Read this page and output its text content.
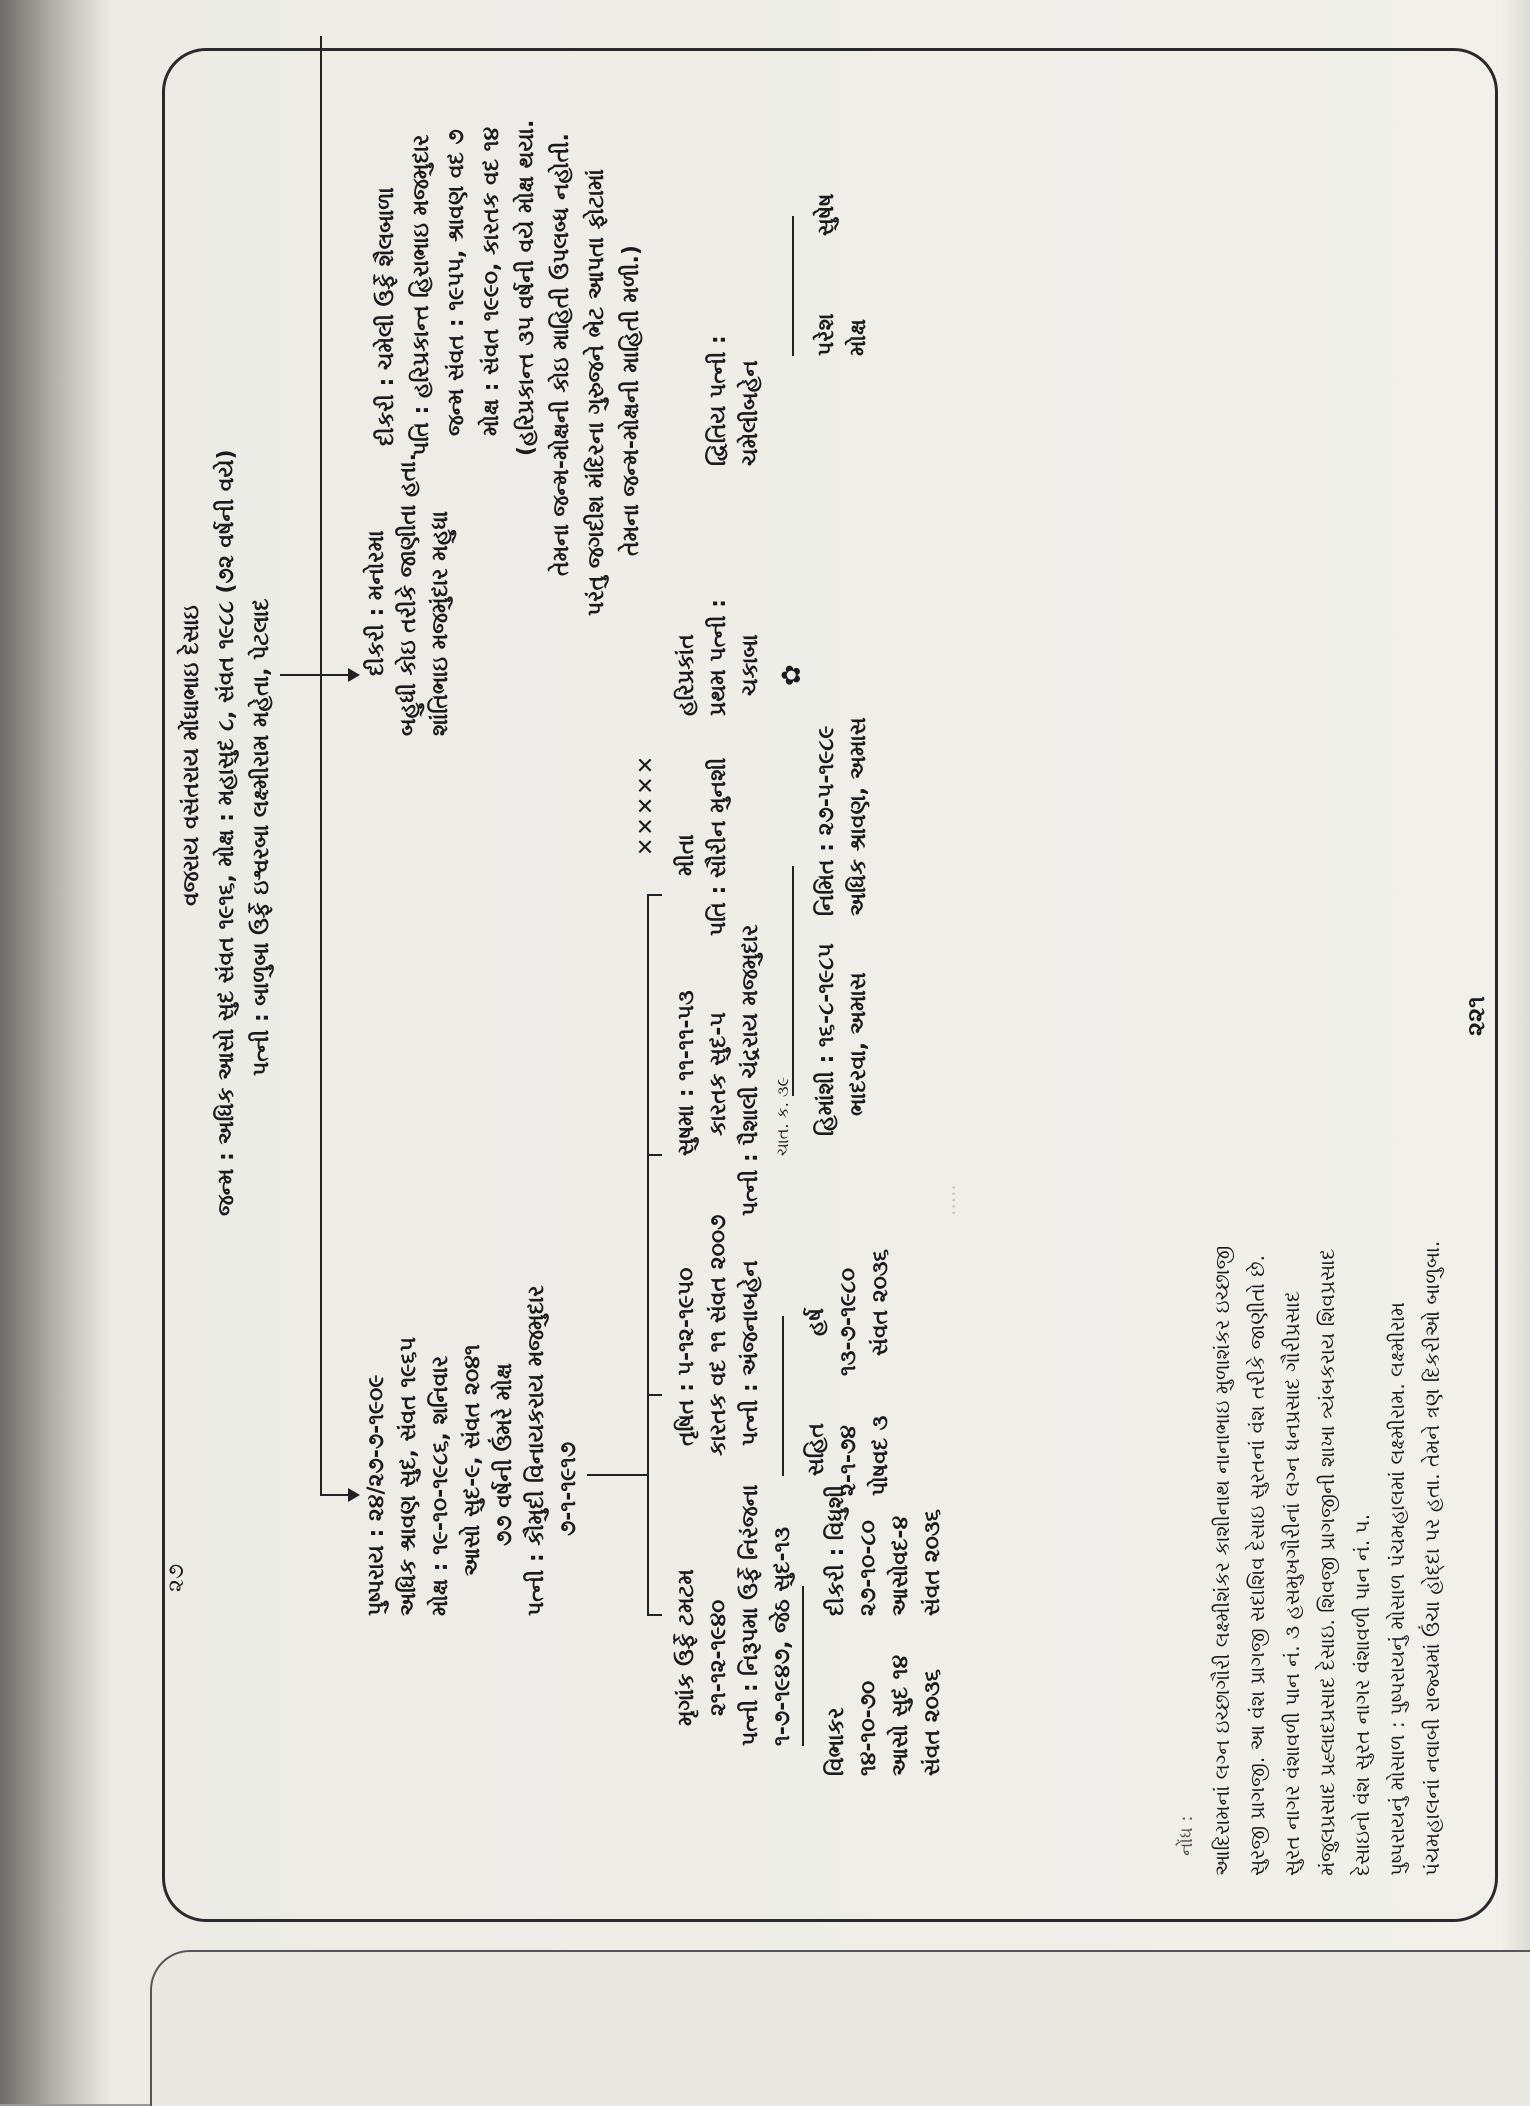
૨૭
વજરાય વસંતરાય મોંઘાભાઇ દેસાઇ જન્મ : અધિક આસો સુદ સંવત ૧૯૧૬, મોક્ષ : મહાસુદ ૮, સંવત ૧૯૮૮ (૭૨ વર્ષની વયે) પત્ની : બાળુબા ઉર્ફે ઇશ્વરબા લક્ષ્મીરામ મહેતા, પેટલાદ
પુષ્પરાય : ૨૪/૨૭-૭-૧૯૦૯ અધિક શ્રાવણ સુદ, સંવત ૧૯૬૫ મોક્ષ : ૧૯-૧૦-૧૯૮૬, શનિવાર આસો સુદ-૯, સંવત ૨૦૪૧ ૭૭ વર્ષની ઉંમરે મોક્ષ પત્ની : કૌમુદી વિનાયકરાય મજમુદાર ૭-૧-૧૯૧૭
દીકરી : મનોરમા બહુધી કોઇ તરીકે જાણીતા હતા. શાંતિભાઇ મજમુંદાર મહુધા
દીકરી : ચમેલી ઉર્ફે શૈલબાળા પતિ : હરિપ્રકાન્ત હિરાભાઇ મજમુદાર જન્મ સંવત : ૧૯૫૫, શ્રાવણ વદ ૭ મોક્ષ : સંવત ૧૯૯૦, કારતક વદ ૧૪ (હરિપ્રકાન્ત ૩૫ વર્ષની વયે મોક્ષ થયા. તેમના જન્મ-મોક્ષની કોઇ માહિતી ઉપલબ્ધ નહોતી. પરંતુ જગદીશ મંદિરના ગુરુજને ભેટ આપતા ફોટામાં તેમના જન્મ-મોક્ષની માહિતી મળી.)
✕✕✕✕✕
મૃગાંક ઉર્ફે ટમટમ ૨૧-૧૨-૧૯૪૦ પત્ની : નિરૂપમા ઉર્ફે નિરંજના ૧-૭-૧૯૪૭, જેઠ સુદ-૧૩
તૃષિત : ૫-૧૨-૧૯૫૦ કારતક વદ ૧૧ સંવત ૨૦૦૭ પત્ની : અંજનાબહેન
સુષમા : ૧૧-૧૧-૫૩ કારતક સુદ-૫ પત્ની : પૈશાલી ચંદ્રરાય મજમુદાર ચાત. ક. ૩૯
મીતા પતિ : સૌરીન મુનશી
હરિપ્રકાંત પ્રથમ પત્ની : ચકાબા
દ્વિતિય પત્ની : ચમેલીબહેન
✿
વિભાકર ૧૪-૧૦-૭૦ આસો સુદ ૧૪ સંવત ૨૦૩૬
દીકરી : વિધુશી ૨૭-૧૦-૮૦ આસોવદ-૪ સંવત ૨૦૩૬
સહિત ૨-૧-૭૪ પોષવદ ૩
હર્ષ ૧૩-૭-૧૯૮૦ સંવત ૨૦૩૬
હિમાંશી : ૧૬-૮-૧૯૮૫ ભાદરવા, અમાસ
નિમિત : ૨૭-૫-૧૯૮૯ અધિક શ્રાવણ, અમાસ
પરેશ મોક્ષ
સુષેષ
·····
નોંધ : આદિરામનાં લગ્ન ઇચ્છાગૌરી લક્ષ્મીશંકર કાશીનાથ નાનાભાઇ મુળાશંકર ઇચ્છાજી સુરજી પ્રાગજી. આ વંશ પ્રાગજી સદાશિવ દેસાઇ સુરતનાં વંશ તરીકે જાણીતો છે. સુરત નાગર વંશાવળી પાન નં. ૩ હસમુખગૌરીનાં લગ્ન ધનપ્રસાદ ગૌરીપ્રસાદ મંજુલપ્રસાદ પ્રહ્લાદપ્રસાદ દેસાઇ. શિવજી પ્રાગજીની શાખા ત્ર્યંબકરાય શિવપ્રસાદ દેસાઇનો વંશ સુરત નાગર વંશાવળી પાન નં. ૫. પુષ્પરાયનું મોસાળ : પુષ્પરાયનું મોસાળ પંચમહાલમાં લક્ષ્મીરામ. લક્ષ્મીરામ પંચમહાલનાં નવાબી રાજ્યમાં ઉંચા હોદ્દા પર હતા. તેમને ત્રણ દિકરીઓ બાળુબા.
૨૨૧
